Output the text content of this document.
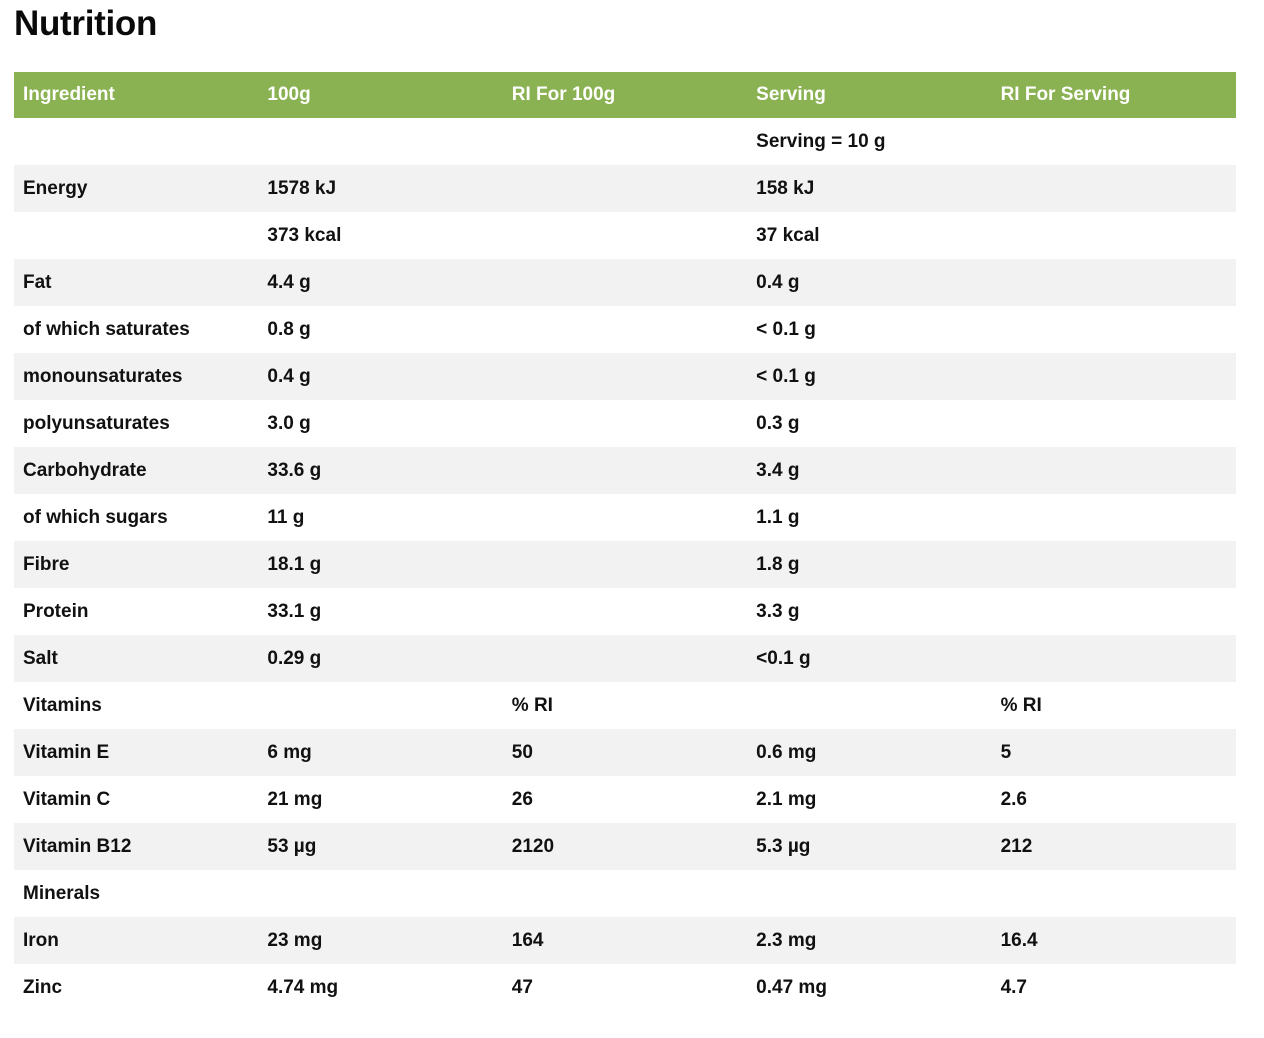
Nutrition
Ingredient	100g	RI For 100g	Serving	RI For Serving
			Serving = 10 g	
Energy	1578 kJ		158 kJ	
	373 kcal		37 kcal	
Fat	4.4 g		0.4 g	
of which saturates	0.8 g		< 0.1 g	
monounsaturates	0.4 g		< 0.1 g	
polyunsaturates	3.0 g		0.3 g	
Carbohydrate	33.6 g		3.4 g	
of which sugars	11 g		1.1 g	
Fibre	18.1 g		1.8 g	
Protein	33.1 g		3.3 g	
Salt	0.29 g		<0.1 g	
Vitamins		% RI		% RI
Vitamin E	6 mg	50	0.6 mg	5
Vitamin C	21 mg	26	2.1 mg	2.6
Vitamin B12	53 µg	2120	5.3 µg	212
Minerals				
Iron	23 mg	164	2.3 mg	16.4
Zinc	4.74 mg	47	0.47 mg	4.7
